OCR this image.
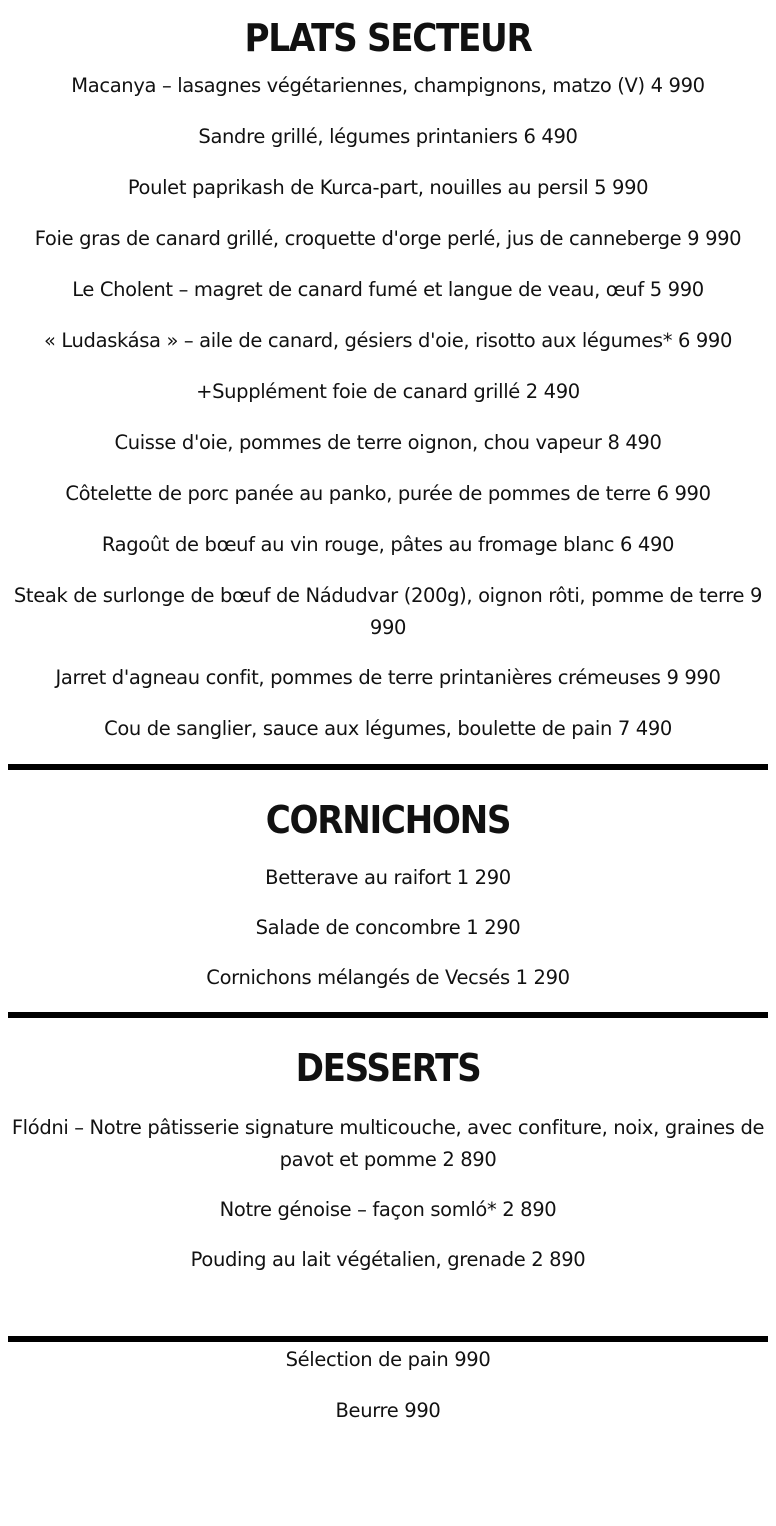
PLATS SECTEUR
Macanya – lasagnes végétariennes, champignons, matzo (V) 4 990
Sandre grillé, légumes printaniers 6 490
Poulet paprikash de Kurca-part, nouilles au persil 5 990
Foie gras de canard grillé, croquette d'orge perlé, jus de canneberge 9 990
Le Cholent – magret de canard fumé et langue de veau, œuf 5 990
« Ludaskása » – aile de canard, gésiers d'oie, risotto aux légumes* 6 990
+Supplément foie de canard grillé 2 490
Cuisse d'oie, pommes de terre oignon, chou vapeur 8 490
Côtelette de porc panée au panko, purée de pommes de terre 6 990
Ragoût de bœuf au vin rouge, pâtes au fromage blanc 6 490
Steak de surlonge de bœuf de Nádudvar (200g), oignon rôti, pomme de terre 9 990
Jarret d'agneau confit, pommes de terre printanières crémeuses 9 990
Cou de sanglier, sauce aux légumes, boulette de pain 7 490
CORNICHONS
Betterave au raifort 1 290
Salade de concombre 1 290
Cornichons mélangés de Vecsés 1 290
DESSERTS
Flódni – Notre pâtisserie signature multicouche, avec confiture, noix, graines de pavot et pomme 2 890
Notre génoise – façon somló* 2 890
Pouding au lait végétalien, grenade 2 890
Sélection de pain 990
Beurre 990
